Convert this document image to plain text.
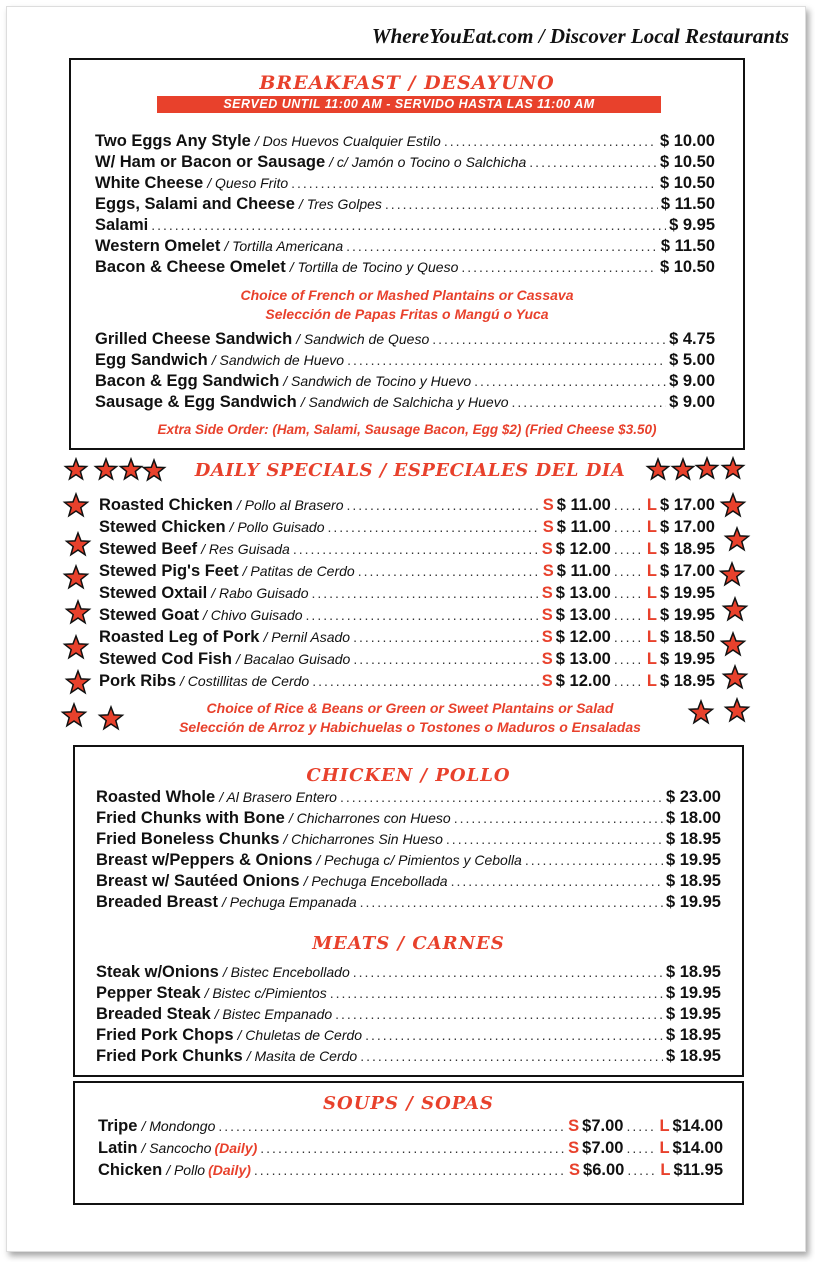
WhereYouEat.com / Discover Local Restaurants
BREAKFAST / DESAYUNO
SERVED UNTIL 11:00 AM - SERVIDO HASTA LAS 11:00 AM
Two Eggs Any Style / Dos Huevos Cualquier Estilo .....	$ 10.00
W/ Ham or Bacon or Sausage / c/ Jamón o Tocino o Salchicha .....	$ 10.50
White Cheese / Queso Frito .....	$ 10.50
Eggs, Salami and Cheese / Tres Golpes .....	$ 11.50
Salami .....	$ 9.95
Western Omelet / Tortilla Americana .....	$ 11.50
Bacon & Cheese Omelet / Tortilla de Tocino y Queso .....	$ 10.50
Choice of French or Mashed Plantains or Cassava
Selección de Papas Fritas o Mangú o Yuca
Grilled Cheese Sandwich / Sandwich de Queso .....	$ 4.75
Egg Sandwich / Sandwich de Huevo .....	$ 5.00
Bacon & Egg Sandwich / Sandwich de Tocino y Huevo .....	$ 9.00
Sausage & Egg Sandwich / Sandwich de Salchicha y Huevo .....	$ 9.00
Extra Side Order: (Ham, Salami, Sausage Bacon, Egg $2) (Fried Cheese $3.50)
DAILY SPECIALS / ESPECIALES DEL DIA
Roasted Chicken / Pollo al Brasero .....	S $ 11.00 ..... L $ 17.00
Stewed Chicken / Pollo Guisado .....	S $ 11.00 ..... L $ 17.00
Stewed Beef / Res Guisada .....	S $ 12.00 ..... L $ 18.95
Stewed Pig's Feet / Patitas de Cerdo .....	S $ 11.00 ..... L $ 17.00
Stewed Oxtail / Rabo Guisado .....	S $ 13.00 ..... L $ 19.95
Stewed Goat / Chivo Guisado .....	S $ 13.00 ..... L $ 19.95
Roasted Leg of Pork / Pernil Asado .....	S $ 12.00 ..... L $ 18.50
Stewed Cod Fish / Bacalao Guisado .....	S $ 13.00 ..... L $ 19.95
Pork Ribs / Costillitas de Cerdo .....	S $ 12.00 ..... L $ 18.95
Choice of Rice & Beans or Green or Sweet Plantains or Salad
Selección de Arroz y Habichuelas o Tostones o Maduros o Ensaladas
CHICKEN / POLLO
Roasted Whole / Al Brasero Entero .....	$ 23.00
Fried Chunks with Bone / Chicharrones con Hueso .....	$ 18.00
Fried Boneless Chunks / Chicharrones Sin Hueso .....	$ 18.95
Breast w/Peppers & Onions / Pechuga c/ Pimientos y Cebolla .....	$ 19.95
Breast w/ Sautéed Onions / Pechuga Encebollada .....	$ 18.95
Breaded Breast / Pechuga Empanada .....	$ 19.95
MEATS / CARNES
Steak w/Onions / Bistec Encebollado .....	$ 18.95
Pepper Steak / Bistec c/Pimientos .....	$ 19.95
Breaded Steak / Bistec Empanado .....	$ 19.95
Fried Pork Chops / Chuletas de Cerdo .....	$ 18.95
Fried Pork Chunks / Masita de Cerdo .....	$ 18.95
SOUPS / SOPAS
Tripe / Mondongo .....	S $7.00 ..... L $14.00
Latin / Sancocho (Daily) .....	S $7.00 ..... L $14.00
Chicken / Pollo (Daily) .....	S $6.00 ..... L $11.95
